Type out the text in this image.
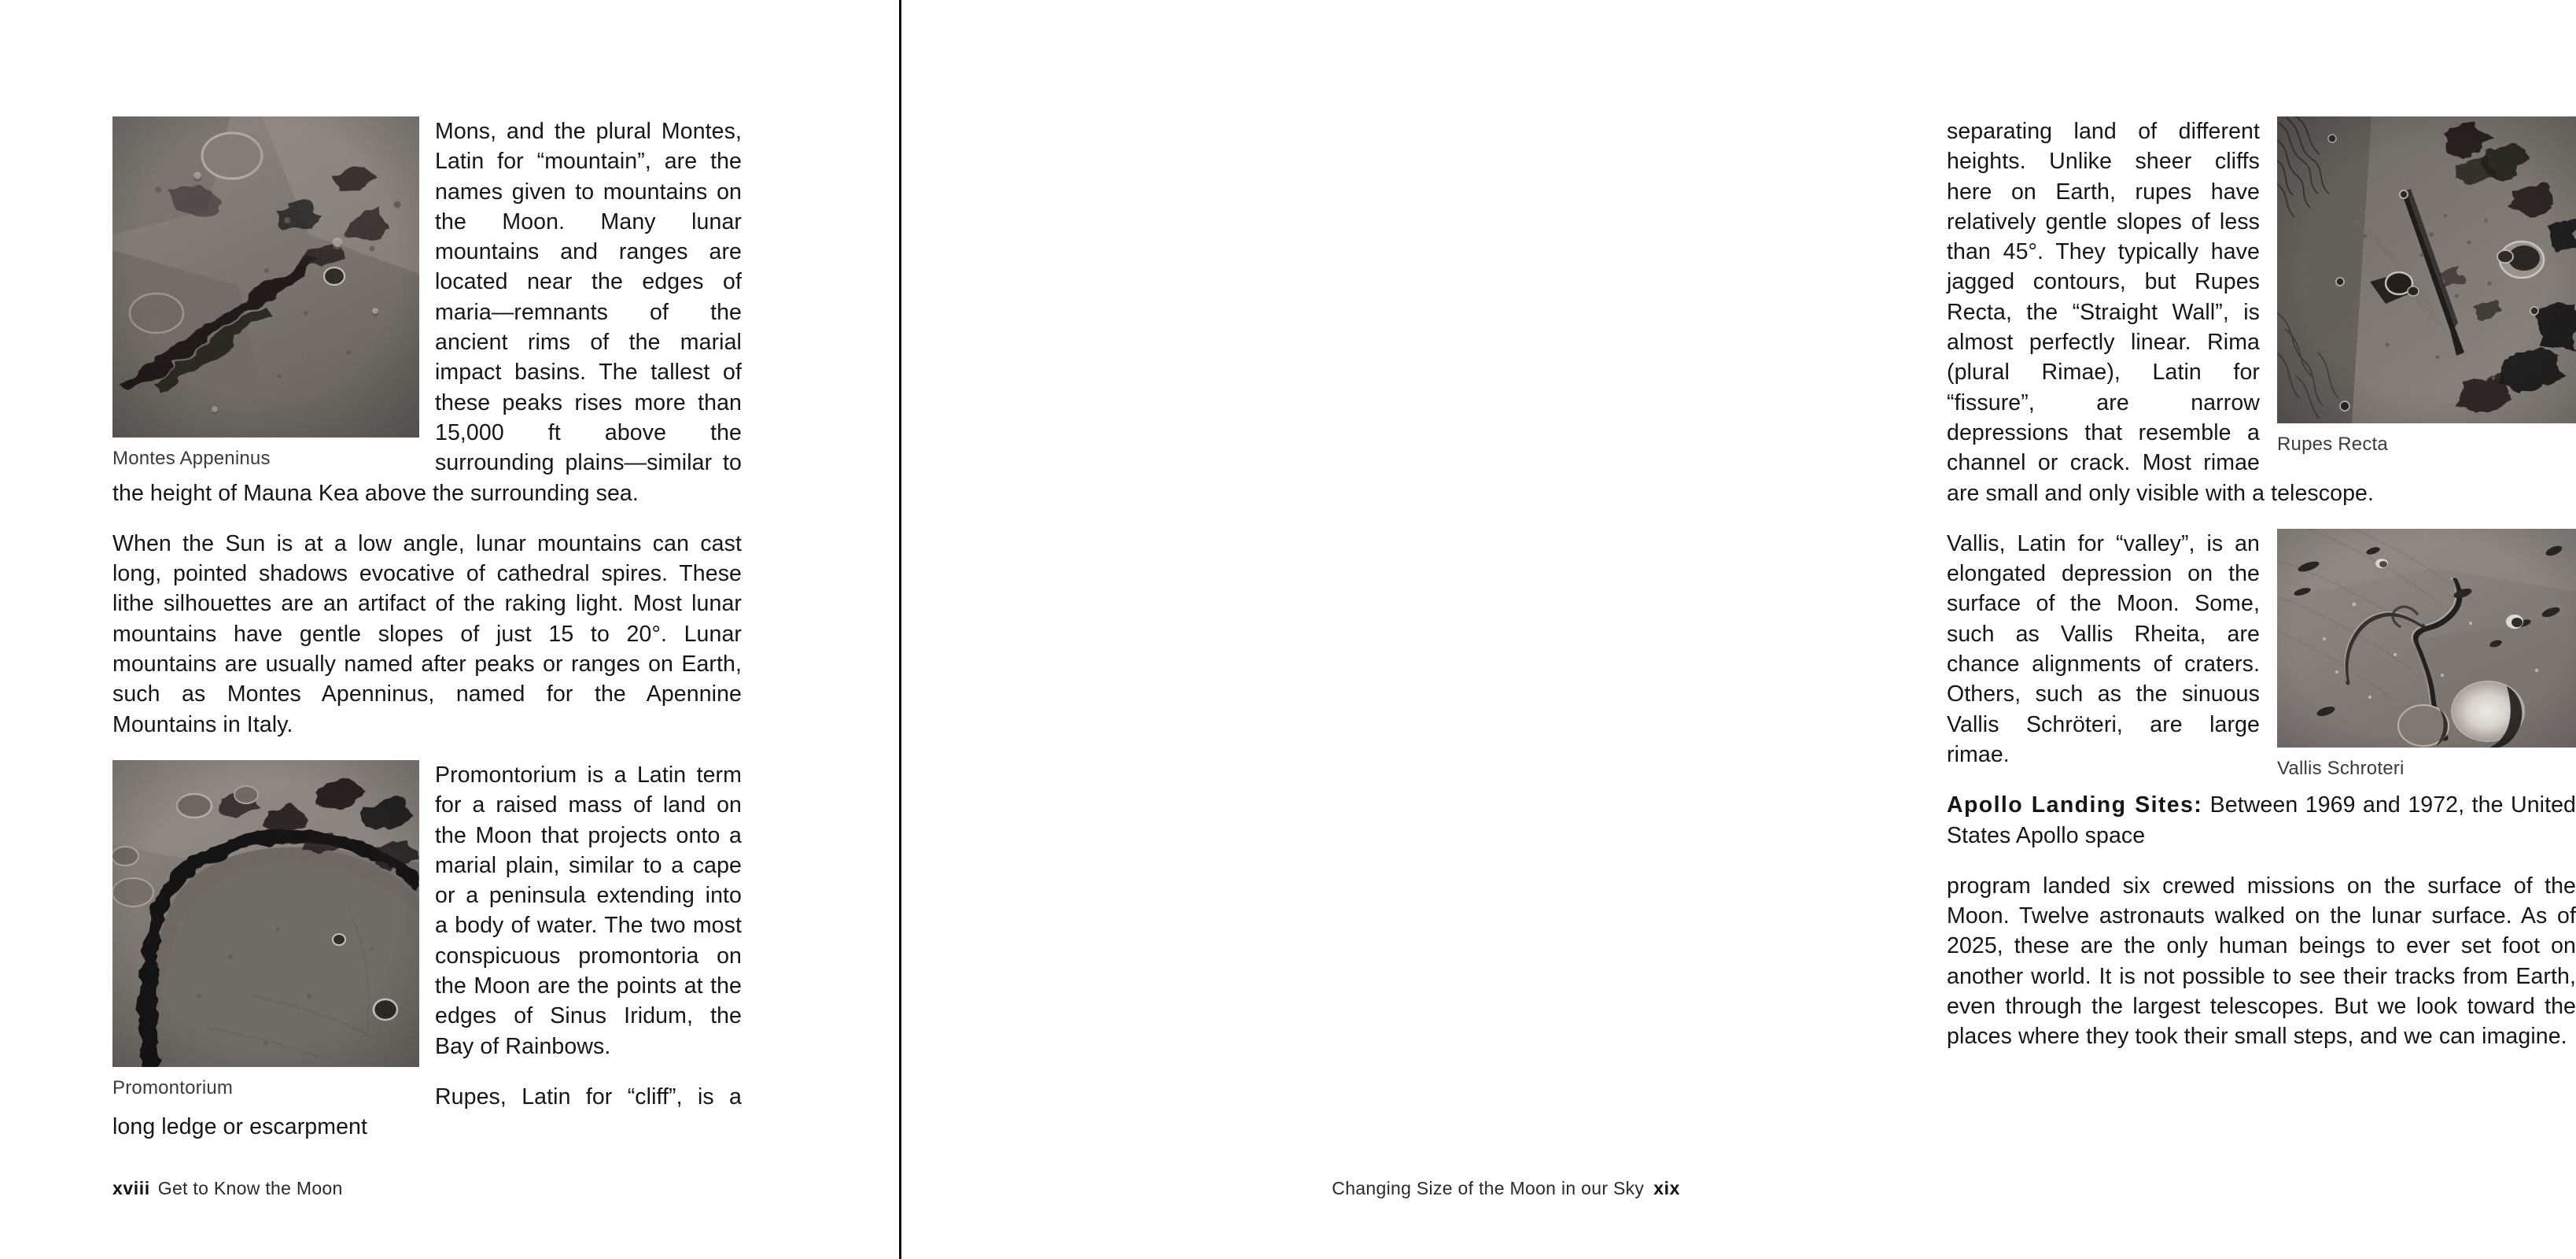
Montes Appeninus

Mons, and the plural Montes, Latin for “mountain”, are the names given to mountains on the Moon. Many lunar mountains and ranges are located near the edges of maria—remnants of the ancient rims of the marial impact basins. The tallest of these peaks rises more than 15,000 ft above the surrounding plains—similar to the height of Mauna Kea above the surrounding sea.

When the Sun is at a low angle, lunar mountains can cast long, pointed shadows evocative of cathedral spires. These lithe silhouettes are an artifact of the raking light. Most lunar mountains have gentle slopes of just 15 to 20°. Lunar mountains are usually named after peaks or ranges on Earth, such as Montes Apenninus, named for the Apennine Mountains in Italy.

Promontorium

Promontorium is a Latin term for a raised mass of land on the Moon that projects onto a marial plain, similar to a cape or a peninsula extending into a body of water. The two most conspicuous promontoria on the Moon are the points at the edges of Sinus Iridum, the Bay of Rainbows.

Rupes, Latin for “cliff”, is a long ledge or escarpment

xviii Get to Know the Moon
Rupes Recta

separating land of different heights. Unlike sheer cliffs here on Earth, rupes have relatively gentle slopes of less than 45°. They typically have jagged contours, but Rupes Recta, the “Straight Wall”, is almost perfectly linear. Rima (plural Rimae), Latin for “fissure”, are narrow depressions that resemble a channel or crack. Most rimae are small and only visible with a telescope.

Vallis Schroteri

Vallis, Latin for “valley”, is an elongated depression on the surface of the Moon. Some, such as Vallis Rheita, are chance alignments of craters. Others, such as the sinuous Vallis Schröteri, are large rimae.

Apollo Landing Sites: Between 1969 and 1972, the United States Apollo space

program landed six crewed missions on the surface of the Moon. Twelve astronauts walked on the lunar surface. As of 2025, these are the only human beings to ever set foot on another world. It is not possible to see their tracks from Earth, even through the largest telescopes. But we look toward the places where they took their small steps, and we can imagine.

Changing Size of the Moon in our Sky xix
